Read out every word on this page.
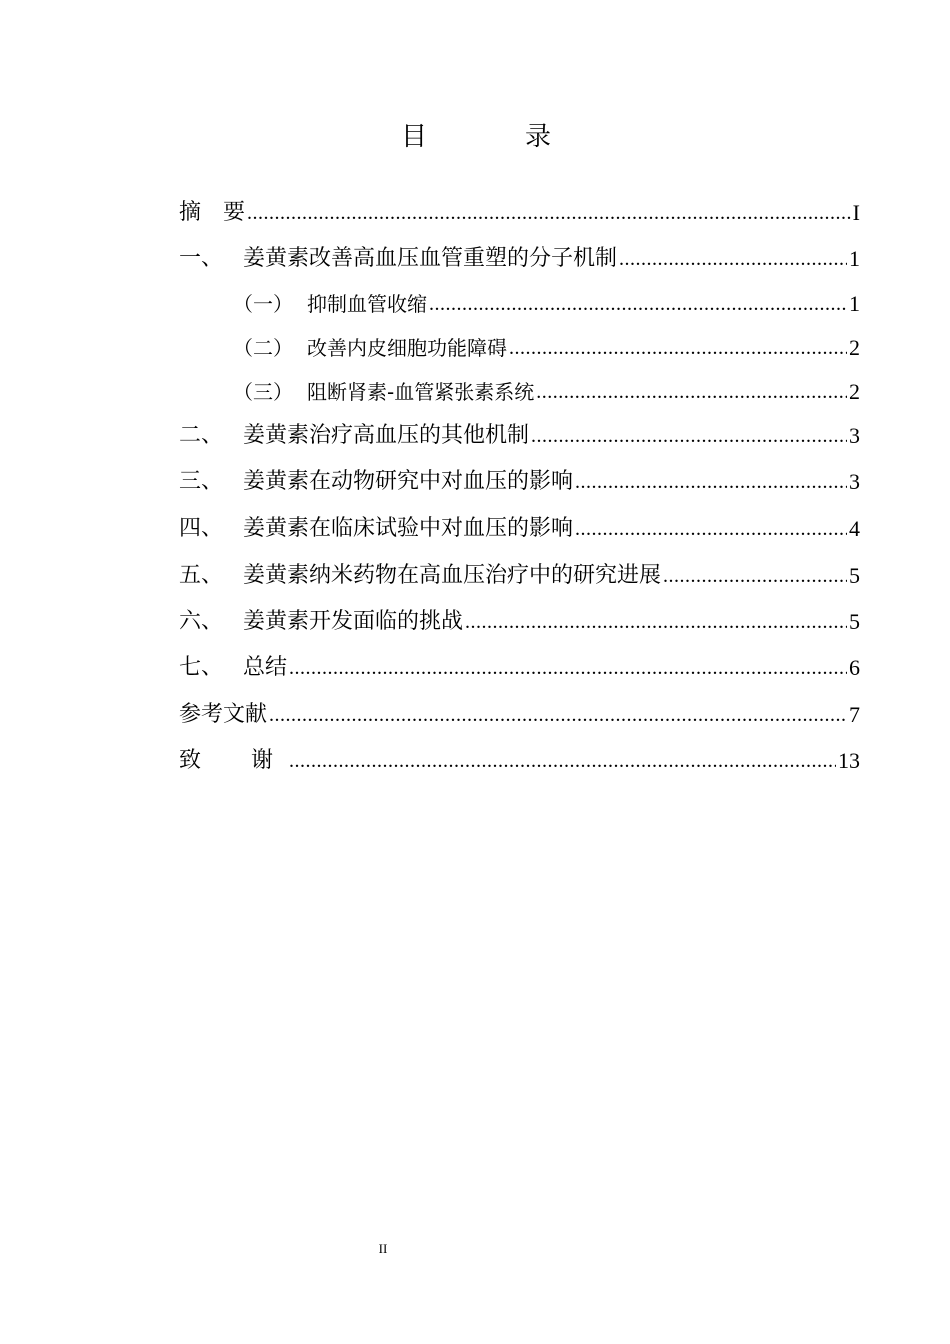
目　录
摘　要 .....	I
一、 姜黄素改善高血压血管重塑的分子机制 .....	1
（一） 抑制血管收缩 .....	1
（二） 改善内皮细胞功能障碍 .....	2
（三） 阻断肾素-血管紧张素系统 .....	2
二、 姜黄素治疗高血压的其他机制 .....	3
三、 姜黄素在动物研究中对血压的影响 .....	3
四、 姜黄素在临床试验中对血压的影响 .....	4
五、 姜黄素纳米药物在高血压治疗中的研究进展 .....	5
六、 姜黄素开发面临的挑战 .....	5
七、 总结 .....	6
参考文献 .....	7
致　谢 .....	13
II
